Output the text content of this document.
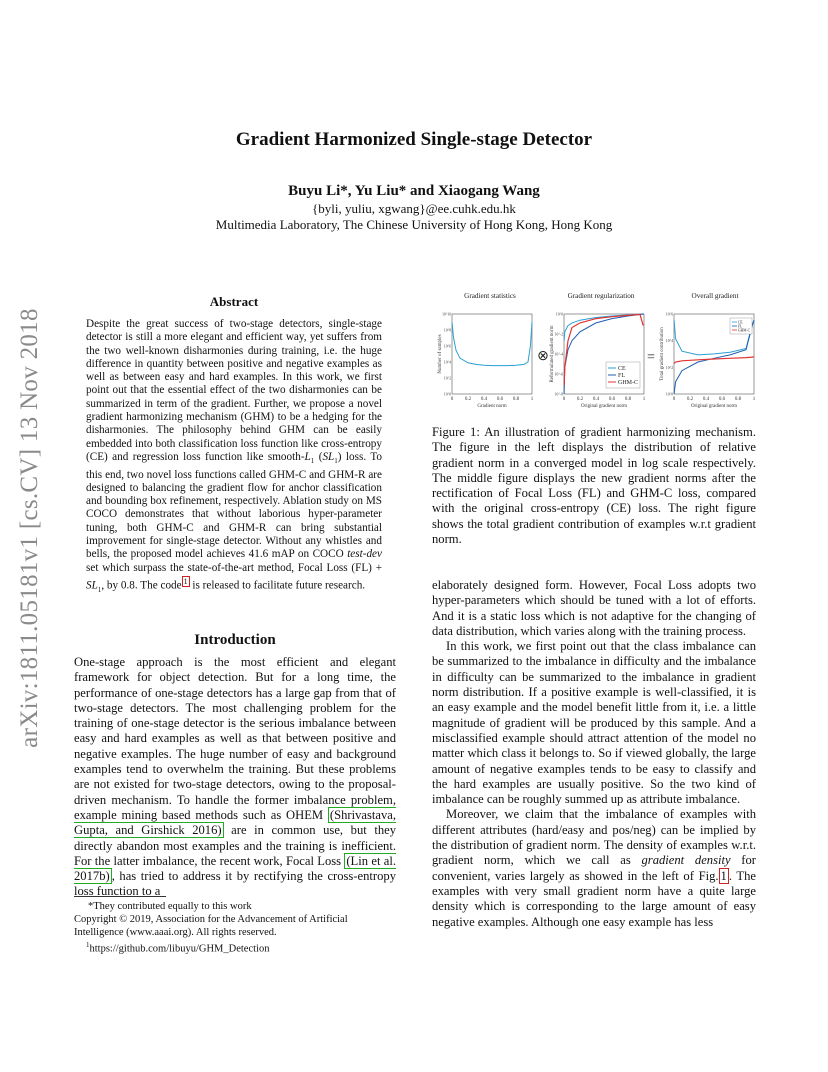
arXiv:1811.05181v1 [cs.CV] 13 Nov 2018
Gradient Harmonized Single-stage Detector
Buyu Li*, Yu Liu* and Xiaogang Wang
{byli, yuliu, xgwang}@ee.cuhk.edu.hk
Multimedia Laboratory, The Chinese University of Hong Kong, Hong Kong
Abstract
Despite the great success of two-stage detectors, single-stage detector is still a more elegant and efficient way, yet suffers from the two well-known disharmonies during training, i.e. the huge difference in quantity between positive and negative examples as well as between easy and hard examples. In this work, we first point out that the essential effect of the two disharmonies can be summarized in term of the gradient. Further, we propose a novel gradient harmonizing mechanism (GHM) to be a hedging for the disharmonies. The philosophy behind GHM can be easily embedded into both classification loss function like cross-entropy (CE) and regression loss function like smooth-$L_1$ $(SL_1)$ loss. To this end, two novel loss functions called GHM-C and GHM-R are designed to balancing the gradient flow for anchor classification and bounding box refinement, respectively. Ablation study on MS COCO demonstrates that without laborious hyper-parameter tuning, both GHM-C and GHM-R can bring substantial improvement for single-stage detector. Without any whistles and bells, the proposed model achieves 41.6 mAP on COCO test-dev set which surpass the state-of-the-art method, Focal Loss $(FL) + SL_1$, by 0.8. The code $^1$ is released to facilitate future research.
Introduction
One-stage approach is the most efficient and elegant framework for object detection. But for a long time, the performance of one-stage detectors has a large gap from that of two-stage detectors. The most challenging problem for the training of one-stage detector is the serious imbalance between easy and hard examples as well as that between positive and negative examples. The huge number of easy and background examples tend to overwhelm the training. But these problems are not existed for two-stage detectors, owing to the proposal-driven mechanism. To handle the former imbalance problem, example mining based methods such as OHEM (Shrivastava, Gupta, and Girshick 2016) are in common use, but they directly abandon most examples and the training is inefficient. For the latter imbalance, the recent work, Focal Loss (Lin et al. 2017b) , has tried to address it by rectifying the cross-entropy loss function to a
*They contributed equally to this work
Copyright © 2019, Association for the Advancement of Artificial Intelligence (www.aaai.org). All rights reserved.
$^1$https://github.com/libuyu/GHM_Detection
Gradient statistics	Gradient regularization	Overall gradient
Number of samples
Gradient norm
0 0.2 0.4 0.6 0.8 1
10^0
10^2
10^4
10^6
10^8
10^10
⊗ Reformulated gradient norm
Original gradient norm
0 0.2 0.4 0.6 0.8 1
10^-8
10^-6
10^-4
10^-2
10^0
CE
FL
GHM-C
= Total gradient contribution
Original gradient norm
0 0.2 0.4 0.6 0.8 1
10^0
10^2
10^4
10^6
CE
FL
GHM-C
Figure 1: An illustration of gradient harmonizing mechanism. The figure in the left displays the distribution of relative gradient norm in a converged model in log scale respectively. The middle figure displays the new gradient norms after the rectification of Focal Loss (FL) and GHM-C loss, compared with the original cross-entropy (CE) loss. The right figure shows the total gradient contribution of examples w.r.t gradient norm.

elaborately designed form. However, Focal Loss adopts two hyper-parameters which should be tuned with a lot of efforts. And it is a static loss which is not adaptive for the changing of data distribution, which varies along with the training process.

In this work, we first point out that the class imbalance can be summarized to the imbalance in difficulty and the imbalance in difficulty can be summarized to the imbalance in gradient norm distribution. If a positive example is well-classified, it is an easy example and the model benefit little from it, i.e. a little magnitude of gradient will be produced by this sample. And a misclassified example should attract attention of the model no matter which class it belongs to. So if viewed globally, the large amount of negative examples tends to be easy to classify and the hard examples are usually positive. So the two kind of imbalance can be roughly summed up as attribute imbalance.

Moreover, we claim that the imbalance of examples with different attributes (hard/easy and pos/neg) can be implied by the distribution of gradient norm. The density of examples w.r.t. gradient norm, which we call as gradient density for convenient, varies largely as showed in the left of Fig. 1 . The examples with very small gradient norm have a quite large density which is corresponding to the large amount of easy negative examples. Although one easy example has less
